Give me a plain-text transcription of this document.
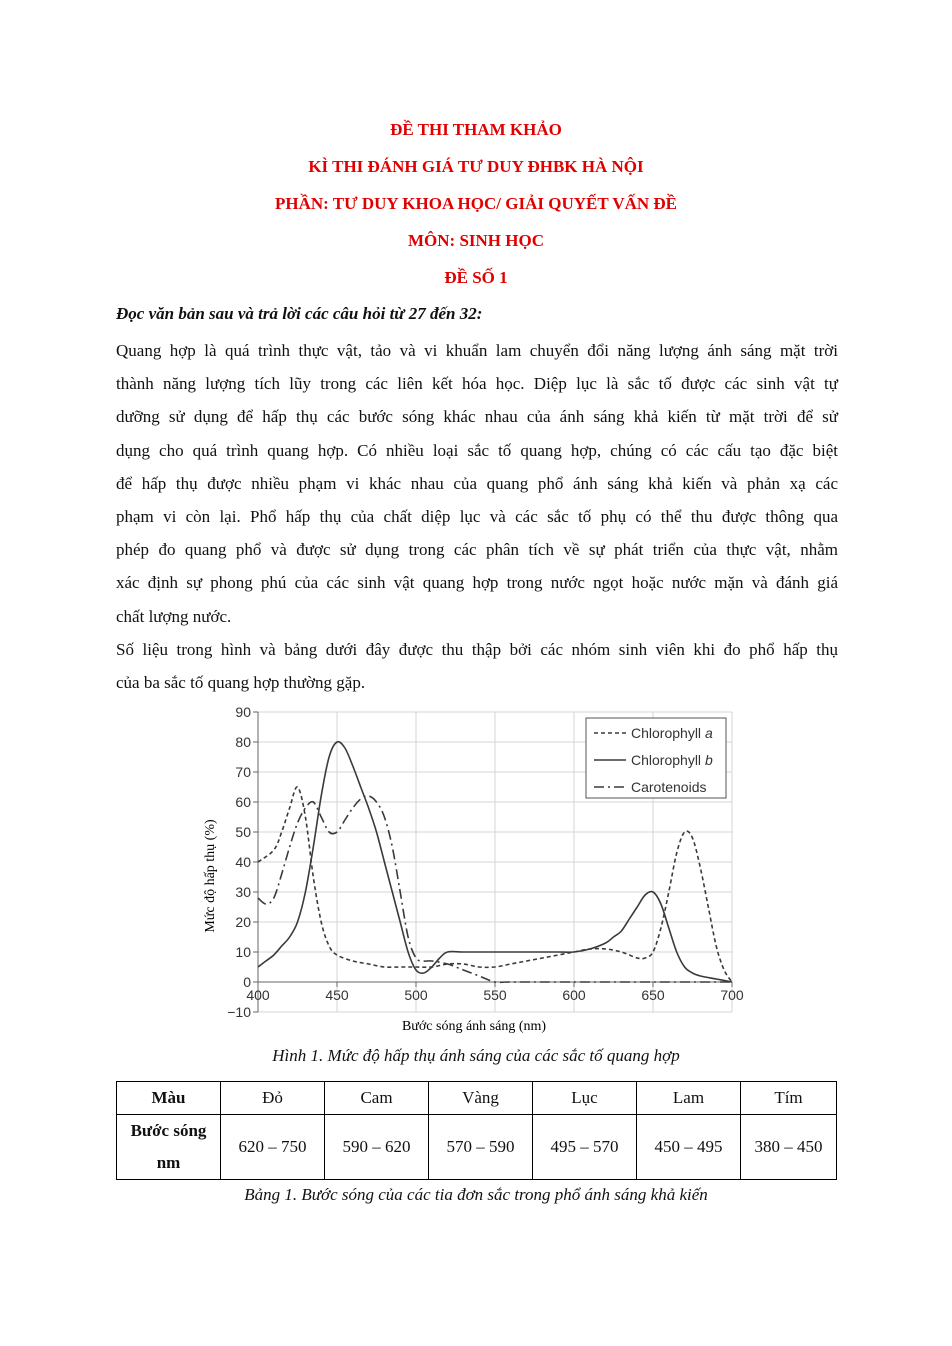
ĐỀ THI THAM KHẢO
KÌ THI ĐÁNH GIÁ TƯ DUY ĐHBK HÀ NỘI
PHẦN: TƯ DUY KHOA HỌC/ GIẢI QUYẾT VẤN ĐỀ
MÔN: SINH HỌC
ĐỀ SỐ 1
Đọc văn bản sau và trả lời các câu hỏi từ 27 đến 32:
Quang hợp là quá trình thực vật, tảo và vi khuẩn lam chuyển đổi năng lượng ánh sáng mặt trời
thành năng lượng tích lũy trong các liên kết hóa học. Diệp lục là sắc tố được các sinh vật tự
dưỡng sử dụng để hấp thụ các bước sóng khác nhau của ánh sáng khả kiến từ mặt trời để sử
dụng cho quá trình quang hợp. Có nhiều loại sắc tố quang hợp, chúng có các cấu tạo đặc biệt
để hấp thụ được nhiều phạm vi khác nhau của quang phổ ánh sáng khả kiến và phản xạ các
phạm vi còn lại. Phổ hấp thụ của chất diệp lục và các sắc tố phụ có thể thu được thông qua
phép đo quang phổ và được sử dụng trong các phân tích về sự phát triển của thực vật, nhằm
xác định sự phong phú của các sinh vật quang hợp trong nước ngọt hoặc nước mặn và đánh giá
chất lượng nước.
Số liệu trong hình và bảng dưới đây được thu thập bởi các nhóm sinh viên khi đo phổ hấp thụ
của ba sắc tố quang hợp thường gặp.
−10
0
10
20
30
40
50
60
70
80
90
400	450	500	550	600	650	700
Chlorophyll a
Chlorophyll b
Carotenoids
Bước sóng ánh sáng (nm)
Mức độ hấp thụ (%)
Hình 1. Mức độ hấp thụ ánh sáng của các sắc tố quang hợp
Màu	Đỏ	Cam	Vàng	Lục	Lam	Tím
Bước sóng
nm	620 – 750	590 – 620	570 – 590	495 – 570	450 – 495	380 – 450
Bảng 1. Bước sóng của các tia đơn sắc trong phổ ánh sáng khả kiến
